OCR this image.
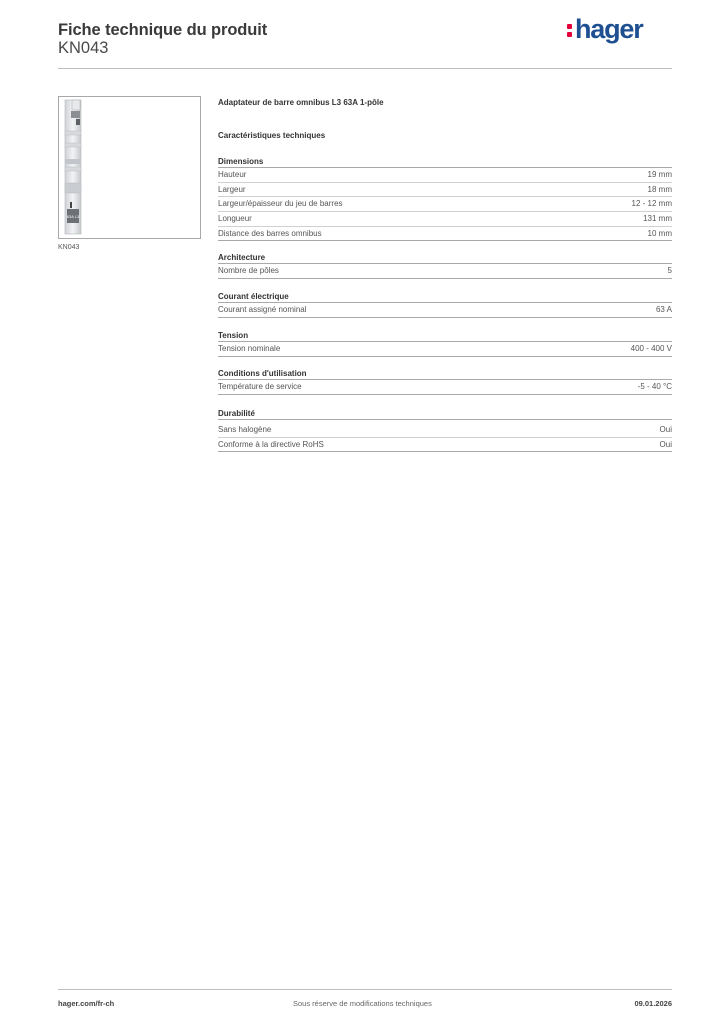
Fiche technique du produit
KN043
hager
63A L3
KN043
Adaptateur de barre omnibus L3 63A 1-pôle
Caractéristiques techniques
Dimensions
Hauteur	19 mm
Largeur	18 mm
Largeur/épaisseur du jeu de barres	12 - 12 mm
Longueur	131 mm
Distance des barres omnibus	10 mm
Architecture
Nombre de pôles	5
Courant électrique
Courant assigné nominal	63 A
Tension
Tension nominale	400 - 400 V
Conditions d'utilisation
Température de service	-5 - 40 °C
Durabilité
Sans halogène	Oui
Conforme à la directive RoHS	Oui
hager.com/fr-ch	Sous réserve de modifications techniques	09.01.2026
